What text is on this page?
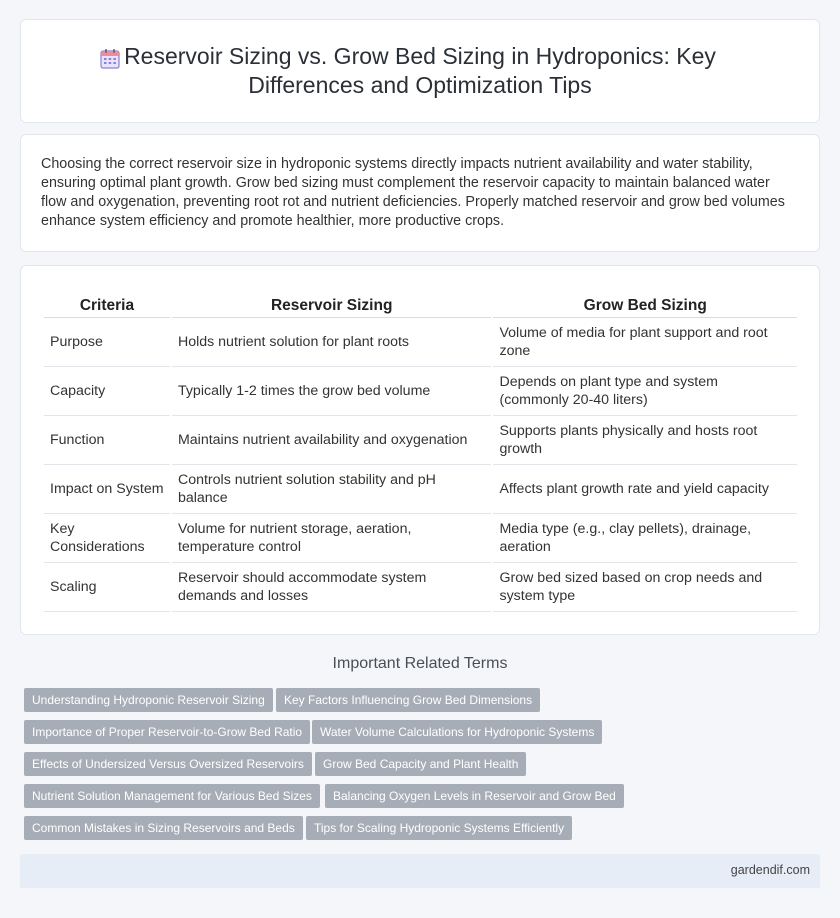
Reservoir Sizing vs. Grow Bed Sizing in Hydroponics: Key Differences and Optimization Tips

Choosing the correct reservoir size in hydroponic systems directly impacts nutrient availability and water stability, ensuring optimal plant growth. Grow bed sizing must complement the reservoir capacity to maintain balanced water flow and oxygenation, preventing root rot and nutrient deficiencies. Properly matched reservoir and grow bed volumes enhance system efficiency and promote healthier, more productive crops.

Criteria	Reservoir Sizing	Grow Bed Sizing
Purpose	Holds nutrient solution for plant roots	Volume of media for plant support and root zone
Capacity	Typically 1-2 times the grow bed volume	Depends on plant type and system (commonly 20-40 liters)
Function	Maintains nutrient availability and oxygenation	Supports plants physically and hosts root growth
Impact on System	Controls nutrient solution stability and pH balance	Affects plant growth rate and yield capacity
Key Considerations	Volume for nutrient storage, aeration, temperature control	Media type (e.g., clay pellets), drainage, aeration
Scaling	Reservoir should accommodate system demands and losses	Grow bed sized based on crop needs and system type
Important Related Terms
Understanding Hydroponic Reservoir Sizing	Key Factors Influencing Grow Bed Dimensions
Importance of Proper Reservoir-to-Grow Bed Ratio	Water Volume Calculations for Hydroponic Systems
Effects of Undersized Versus Oversized Reservoirs	Grow Bed Capacity and Plant Health
Nutrient Solution Management for Various Bed Sizes	Balancing Oxygen Levels in Reservoir and Grow Bed
Common Mistakes in Sizing Reservoirs and Beds	Tips for Scaling Hydroponic Systems Efficiently
gardendif.com
